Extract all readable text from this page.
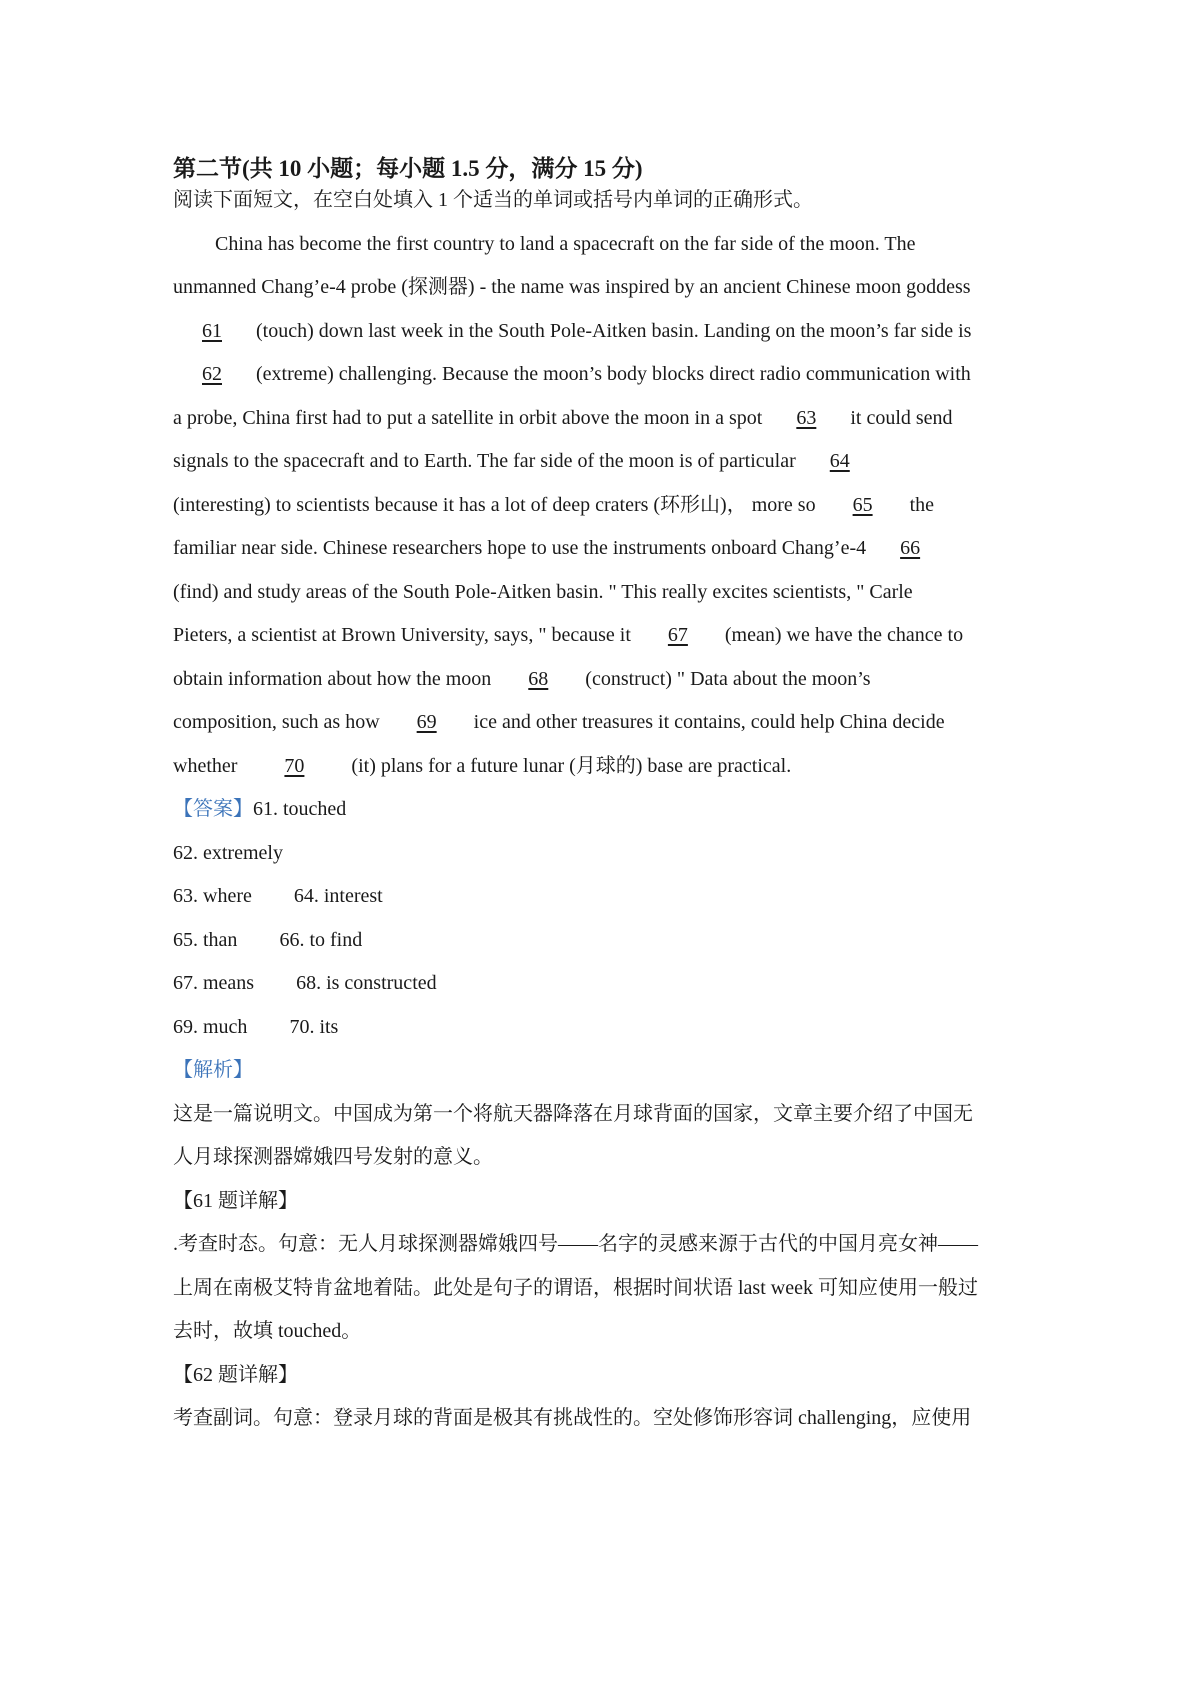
第二节(共 10 小题；每小题 1.5 分，满分 15 分)
阅读下面短文，在空白处填入 1 个适当的单词或括号内单词的正确形式。
China has become the first country to land a spacecraft on the far side of the moon. The
unmanned Chang’e-4 probe (探测器) - the name was inspired by an ancient Chinese moon goddess
61 (touch) down last week in the South Pole-Aitken basin. Landing on the moon’s far side is
62 (extreme) challenging. Because the moon’s body blocks direct radio communication with
a probe, China first had to put a satellite in orbit above the moon in a spot 63 it could send
signals to the spacecraft and to Earth. The far side of the moon is of particular 64
(interesting) to scientists because it has a lot of deep craters (环形山)， more so 65 the
familiar near side. Chinese researchers hope to use the instruments onboard Chang’e-4 66
(find) and study areas of the South Pole-Aitken basin. " This really excites scientists, " Carle
Pieters, a scientist at Brown University, says, " because it 67 (mean) we have the chance to
obtain information about how the moon 68 (construct) " Data about the moon’s
composition, such as how 69 ice and other treasures it contains, could help China decide
whether 70 (it) plans for a future lunar (月球的) base are practical.
【答案】61. touched
62. extremely
63. where 64. interest
65. than 66. to find
67. means 68. is constructed
69. much 70. its
【解析】
这是一篇说明文。中国成为第一个将航天器降落在月球背面的国家，文章主要介绍了中国无
人月球探测器嫦娥四号发射的意义。
【61 题详解】
.考查时态。句意：无人月球探测器嫦娥四号——名字的灵感来源于古代的中国月亮女神——
上周在南极艾特肯盆地着陆。此处是句子的谓语，根据时间状语 last week 可知应使用一般过
去时，故填 touched。
【62 题详解】
考查副词。句意：登录月球的背面是极其有挑战性的。空处修饰形容词 challenging，应使用
